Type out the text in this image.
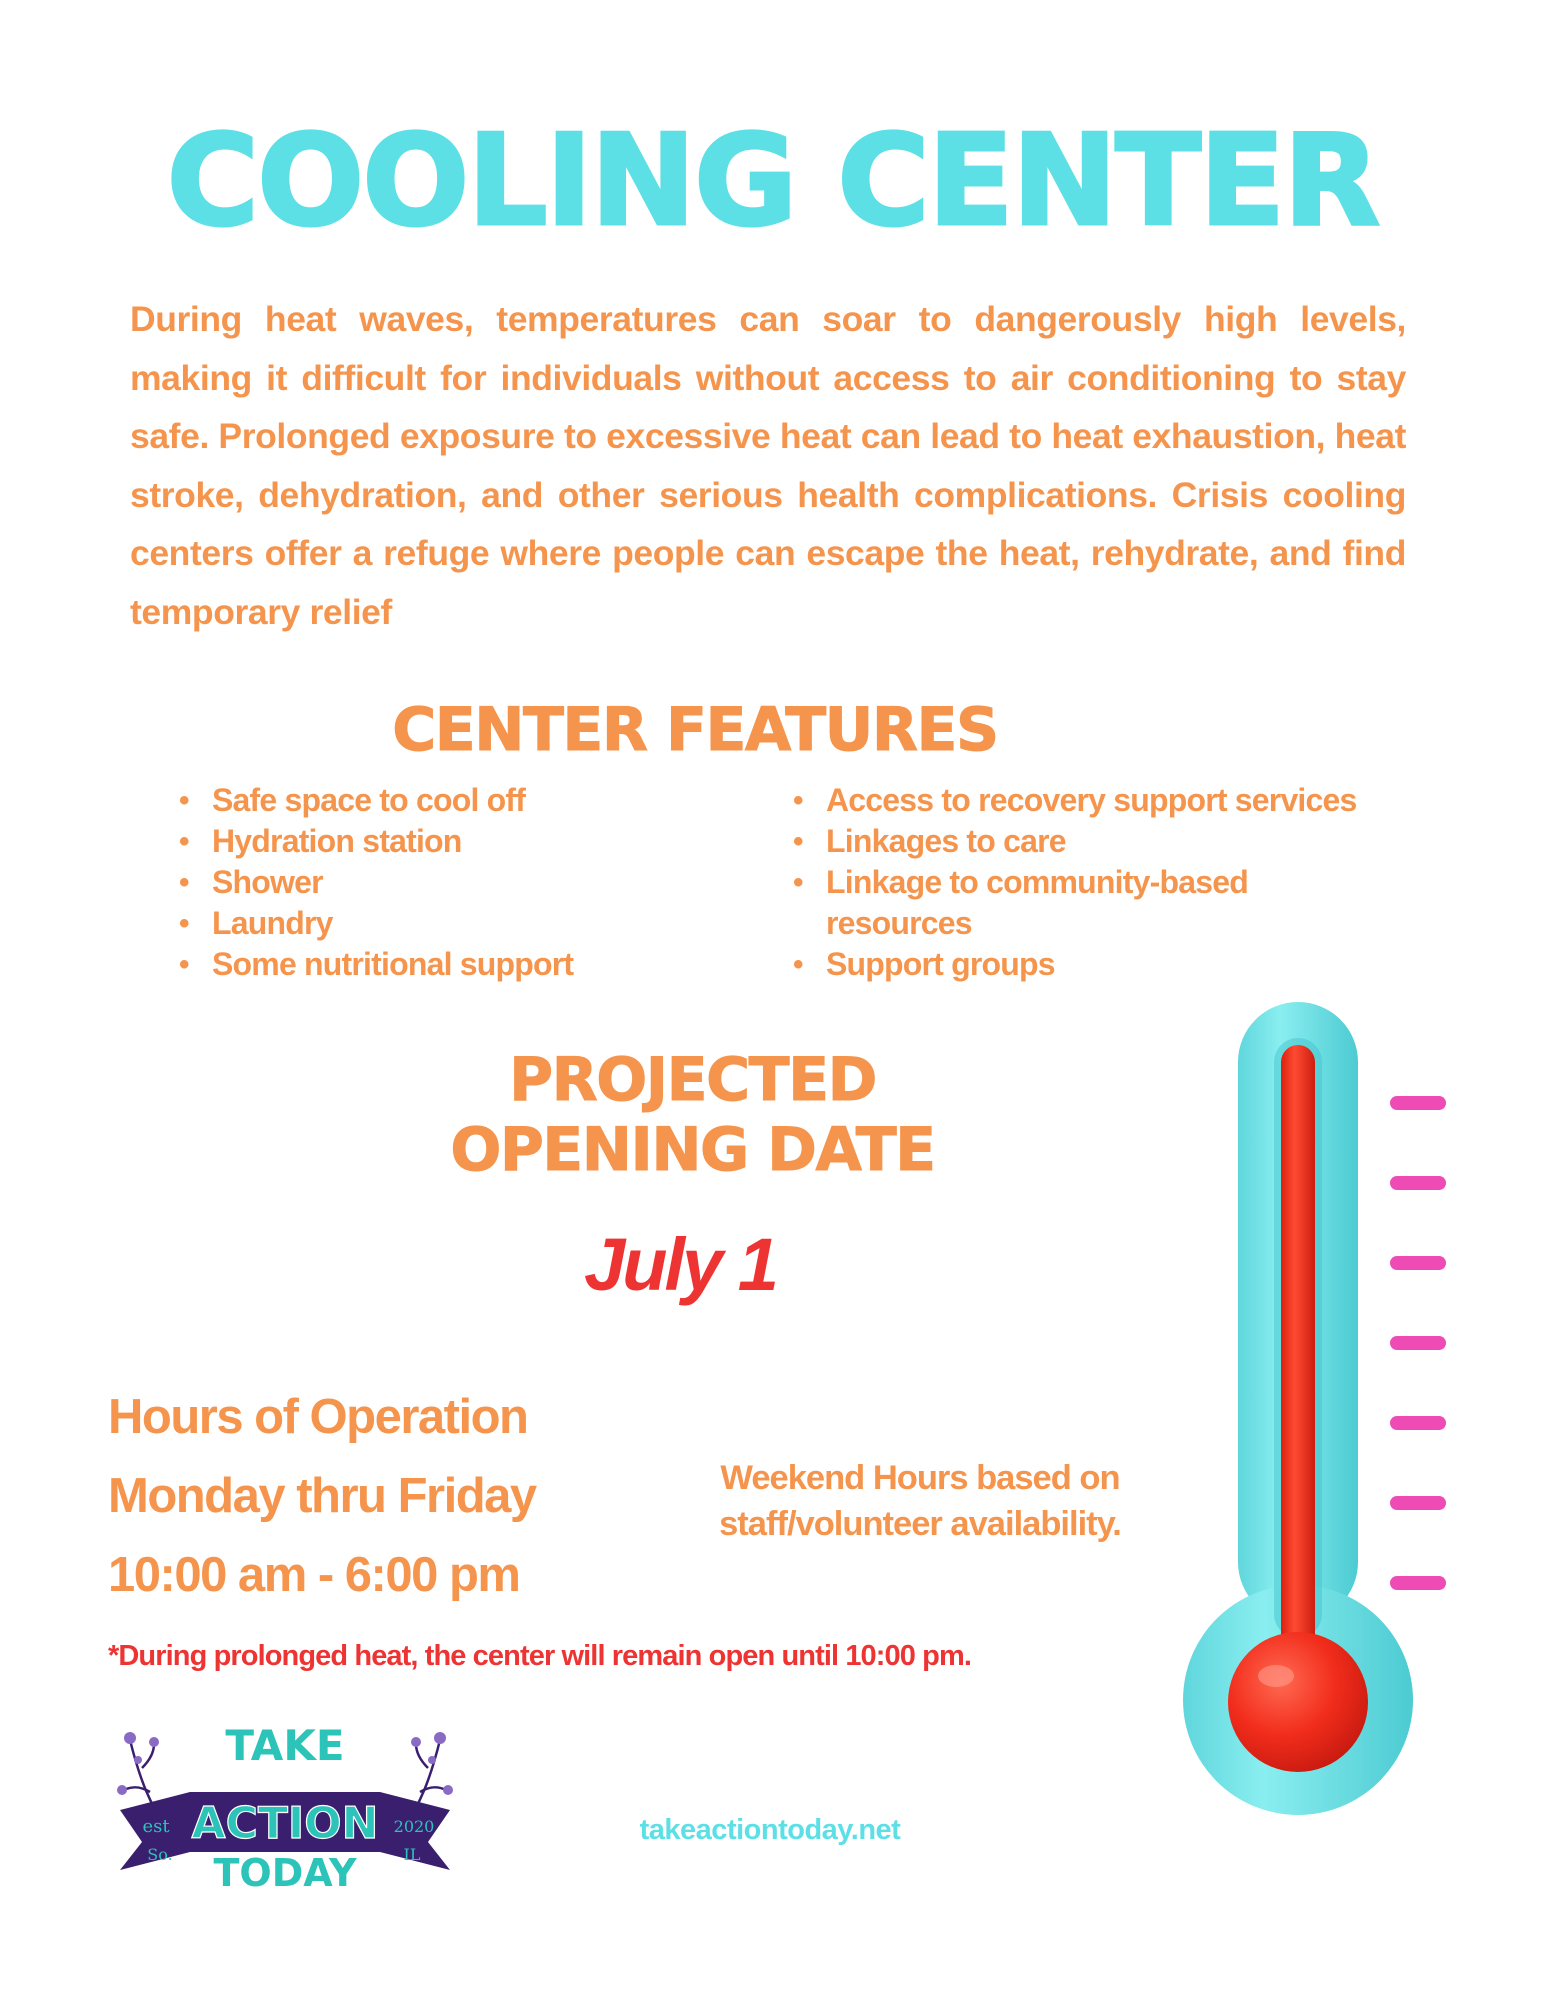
COOLING CENTER

During heat waves, temperatures can soar to dangerously high levels, making it difficult for individuals without access to air conditioning to stay safe. Prolonged exposure to excessive heat can lead to heat exhaustion, heat stroke, dehydration, and other serious health complications. Crisis cooling centers offer a refuge where people can escape the heat, rehydrate, and find temporary relief

CENTER FEATURES
• Safe space to cool off
• Hydration station
• Shower
• Laundry
• Some nutritional support
• Access to recovery support services
• Linkages to care
• Linkage to community-based resources
• Support groups
PROJECTED
OPENING DATE
July 1
Hours of Operation
Monday thru Friday
10:00 am - 6:00 pm
Weekend Hours based on staff/volunteer availability.
*During prolonged heat, the center will remain open until 10:00 pm.
TAKE
ACTION
TODAY
est
So.
2020
IL
takeactiontoday.net
